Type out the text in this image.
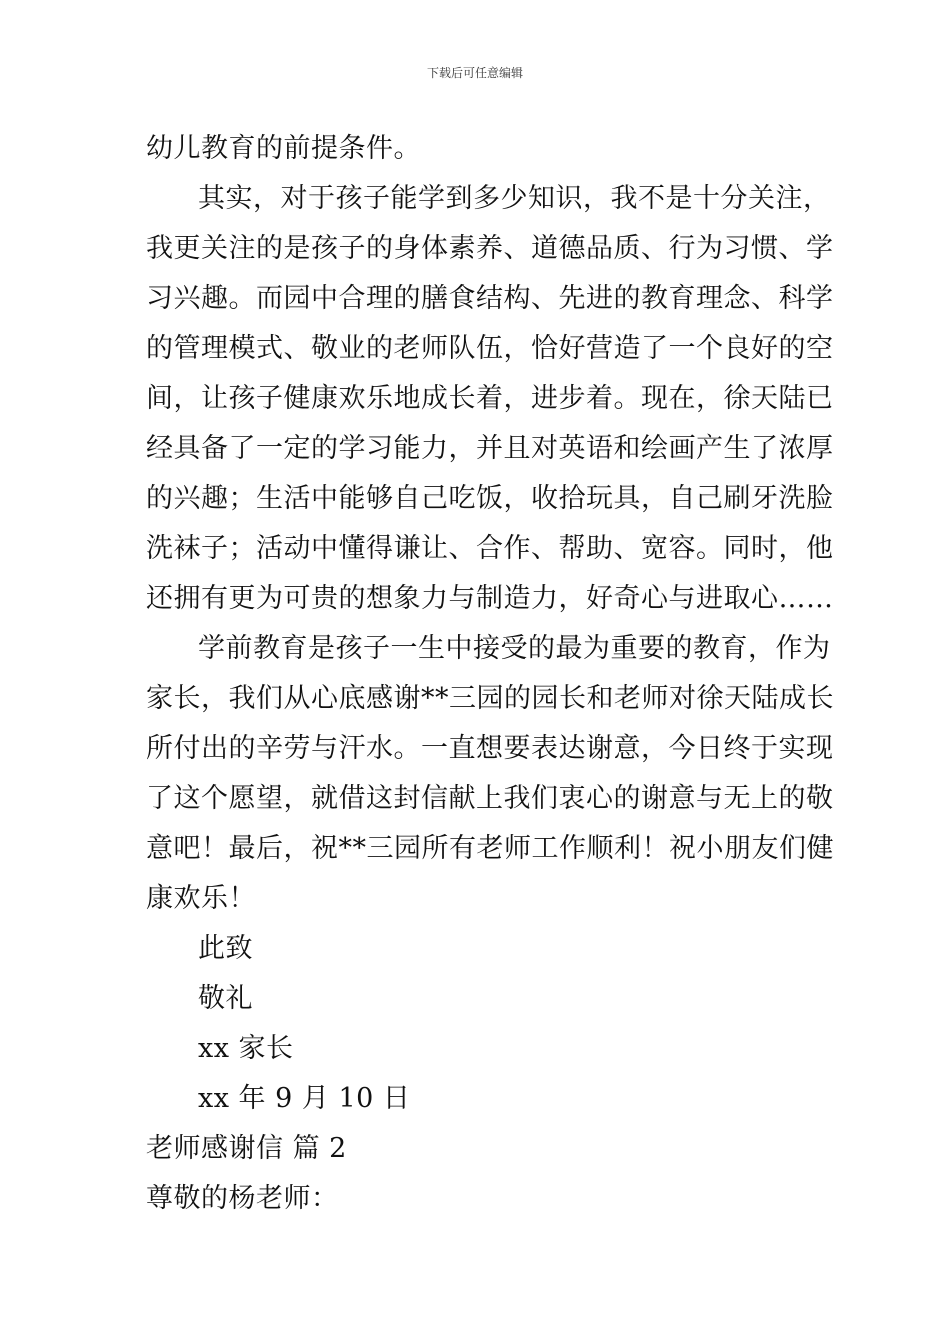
下载后可任意编辑
幼儿教育的前提条件。
其实，对于孩子能学到多少知识，我不是十分关注，
我更关注的是孩子的身体素养、道德品质、行为习惯、学
习兴趣。而园中合理的膳食结构、先进的教育理念、科学
的管理模式、敬业的老师队伍，恰好营造了一个良好的空
间，让孩子健康欢乐地成长着，进步着。现在，徐天陆已
经具备了一定的学习能力，并且对英语和绘画产生了浓厚
的兴趣；生活中能够自己吃饭，收拾玩具，自己刷牙洗脸
洗袜子；活动中懂得谦让、合作、帮助、宽容。同时，他
还拥有更为可贵的想象力与制造力，好奇心与进取心……
学前教育是孩子一生中接受的最为重要的教育，作为
家长，我们从心底感谢**三园的园长和老师对徐天陆成长
所付出的辛劳与汗水。一直想要表达谢意，今日终于实现
了这个愿望，就借这封信献上我们衷心的谢意与无上的敬
意吧！最后，祝**三园所有老师工作顺利！祝小朋友们健
康欢乐！
此致
敬礼
xx 家长
xx 年 9 月 10 日
老师感谢信 篇 2
尊敬的杨老师：
